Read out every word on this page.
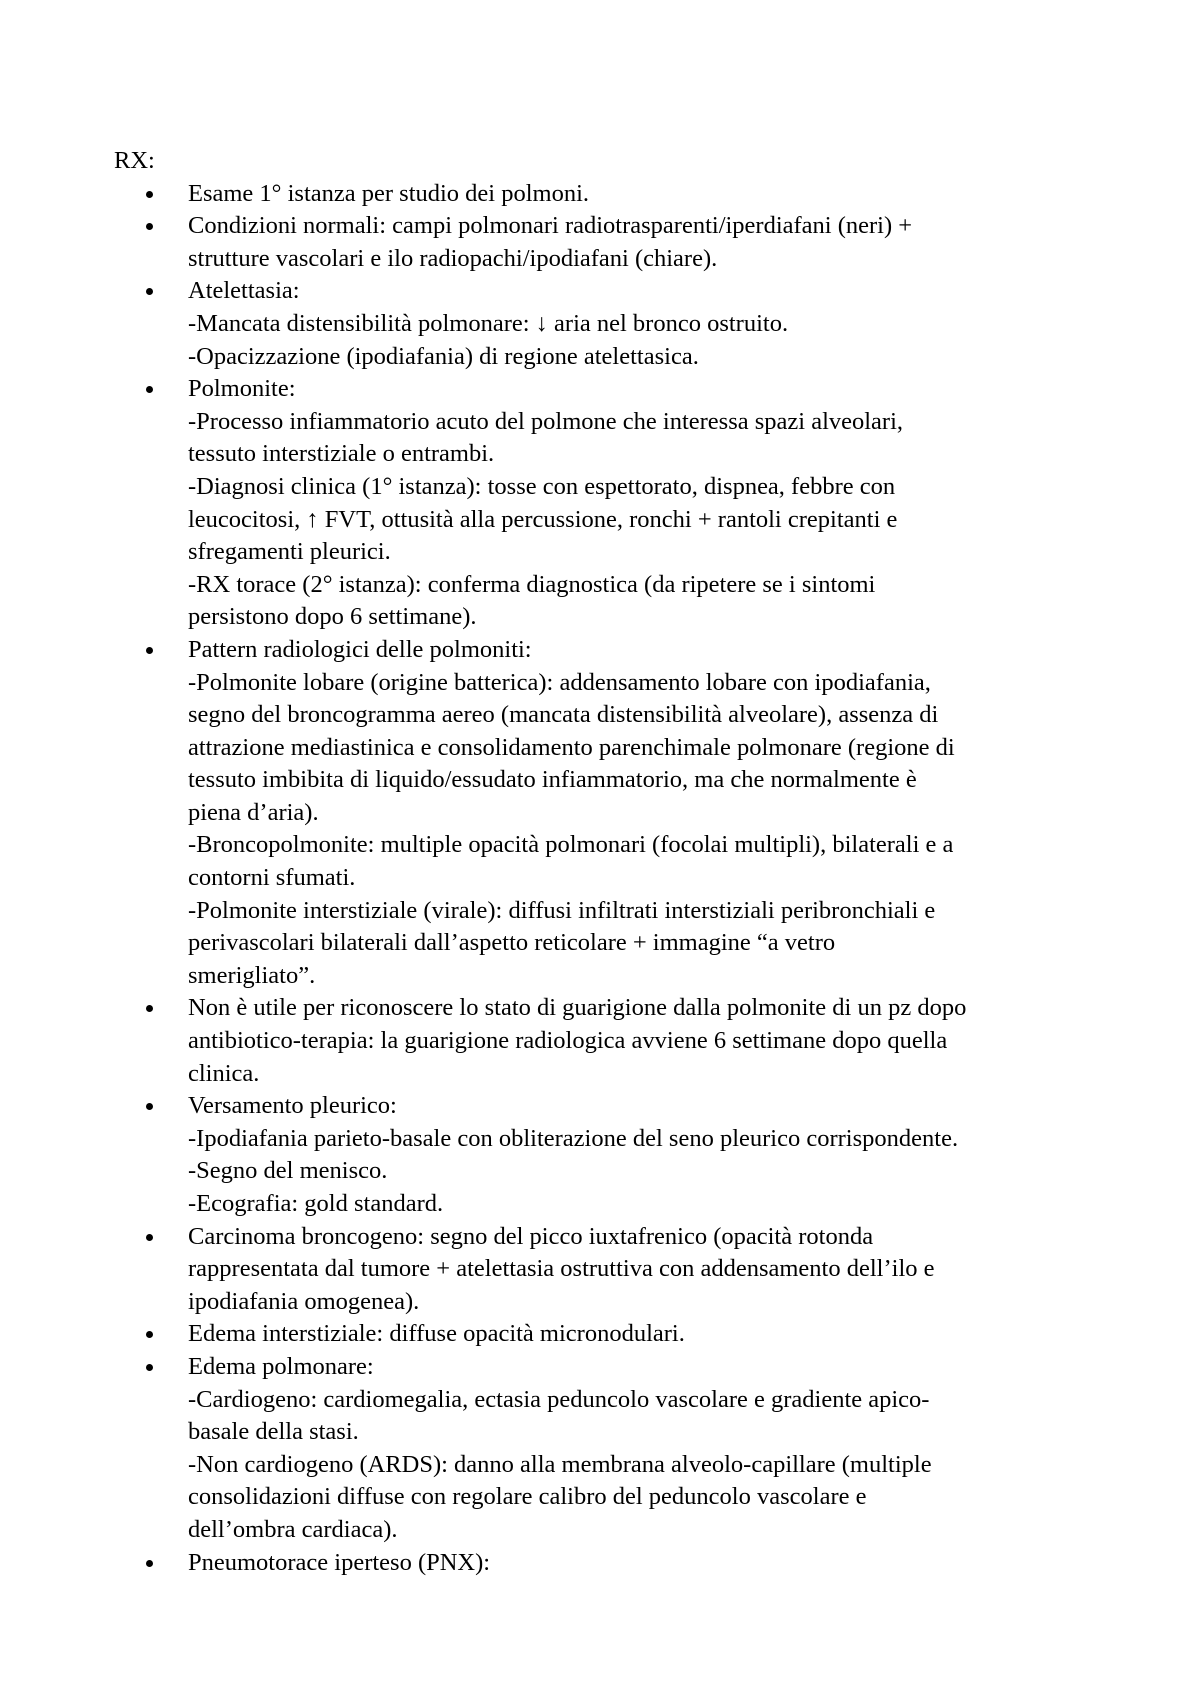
RX:
Esame 1° istanza per studio dei polmoni.
Condizioni normali: campi polmonari radiotrasparenti/iperdiafani (neri) +
strutture vascolari e ilo radiopachi/ipodiafani (chiare).
Atelettasia:
-Mancata distensibilità polmonare: ↓ aria nel bronco ostruito.
-Opacizzazione (ipodiafania) di regione atelettasica.
Polmonite:
-Processo infiammatorio acuto del polmone che interessa spazi alveolari,
tessuto interstiziale o entrambi.
-Diagnosi clinica (1° istanza): tosse con espettorato, dispnea, febbre con
leucocitosi, ↑ FVT, ottusità alla percussione, ronchi + rantoli crepitanti e
sfregamenti pleurici.
-RX torace (2° istanza): conferma diagnostica (da ripetere se i sintomi
persistono dopo 6 settimane).
Pattern radiologici delle polmoniti:
-Polmonite lobare (origine batterica): addensamento lobare con ipodiafania,
segno del broncogramma aereo (mancata distensibilità alveolare), assenza di
attrazione mediastinica e consolidamento parenchimale polmonare (regione di
tessuto imbibita di liquido/essudato infiammatorio, ma che normalmente è
piena d’aria).
-Broncopolmonite: multiple opacità polmonari (focolai multipli), bilaterali e a
contorni sfumati.
-Polmonite interstiziale (virale): diffusi infiltrati interstiziali peribronchiali e
perivascolari bilaterali dall’aspetto reticolare + immagine “a vetro
smerigliato”.
Non è utile per riconoscere lo stato di guarigione dalla polmonite di un pz dopo
antibiotico-terapia: la guarigione radiologica avviene 6 settimane dopo quella
clinica.
Versamento pleurico:
-Ipodiafania parieto-basale con obliterazione del seno pleurico corrispondente.
-Segno del menisco.
-Ecografia: gold standard.
Carcinoma broncogeno: segno del picco iuxtafrenico (opacità rotonda
rappresentata dal tumore + atelettasia ostruttiva con addensamento dell’ilo e
ipodiafania omogenea).
Edema interstiziale: diffuse opacità micronodulari.
Edema polmonare:
-Cardiogeno: cardiomegalia, ectasia peduncolo vascolare e gradiente apico-
basale della stasi.
-Non cardiogeno (ARDS): danno alla membrana alveolo-capillare (multiple
consolidazioni diffuse con regolare calibro del peduncolo vascolare e
dell’ombra cardiaca).
Pneumotorace iperteso (PNX):
